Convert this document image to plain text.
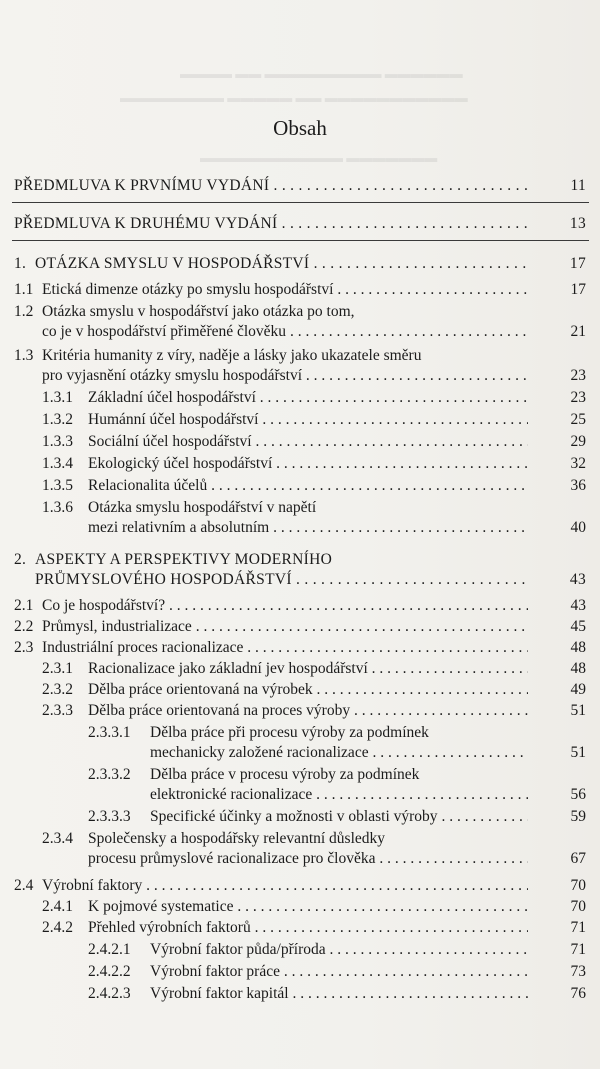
▬▬▬▬ ▬▬ ▬▬▬▬▬▬▬▬▬ ▬▬▬▬▬▬
▬▬▬▬▬▬▬▬ ▬▬▬▬▬ ▬▬ ▬▬▬▬▬▬▬▬▬▬▬
▬▬▬▬▬▬▬▬▬▬▬ ▬▬▬▬▬▬▬
Obsah
PŘEDMLUVA K PRVNÍMU VYDÁNÍ . . .	11
PŘEDMLUVA K DRUHÉMU VYDÁNÍ . . .	13
1. OTÁZKA SMYSLU V HOSPODÁŘSTVÍ . . .	17
1.1 Etická dimenze otázky po smyslu hospodářství . . .	17
1.2 Otázka smyslu v hospodářství jako otázka po tom,
co je v hospodářství přiměřené člověku . . .	21
1.3 Kritéria humanity z víry, naděje a lásky jako ukazatele směru
pro vyjasnění otázky smyslu hospodářství . . .	23
1.3.1 Základní účel hospodářství . . .	23
1.3.2 Humánní účel hospodářství . . .	25
1.3.3 Sociální účel hospodářství . . .	29
1.3.4 Ekologický účel hospodářství . . .	32
1.3.5 Relacionalita účelů . . .	36
1.3.6 Otázka smyslu hospodářství v napětí
mezi relativním a absolutním . . .	40
2. ASPEKTY A PERSPEKTIVY MODERNÍHO
PRŮMYSLOVÉHO HOSPODÁŘSTVÍ . . .	43
2.1 Co je hospodářství? . . .	43
2.2 Průmysl, industrializace . . .	45
2.3 Industriální proces racionalizace . . .	48
2.3.1 Racionalizace jako základní jev hospodářství . . .	48
2.3.2 Dělba práce orientovaná na výrobek . . .	49
2.3.3 Dělba práce orientovaná na proces výroby . . .	51
2.3.3.1 Dělba práce při procesu výroby za podmínek
mechanicky založené racionalizace . . .	51
2.3.3.2 Dělba práce v procesu výroby za podmínek
elektronické racionalizace . . .	56
2.3.3.3 Specifické účinky a možnosti v oblasti výroby . . .	59
2.3.4 Společensky a hospodářsky relevantní důsledky
procesu průmyslové racionalizace pro člověka . . .	67
2.4 Výrobní faktory . . .	70
2.4.1 K pojmové systematice . . .	70
2.4.2 Přehled výrobních faktorů . . .	71
2.4.2.1 Výrobní faktor půda/příroda . . .	71
2.4.2.2 Výrobní faktor práce . . .	73
2.4.2.3 Výrobní faktor kapitál . . .	76
